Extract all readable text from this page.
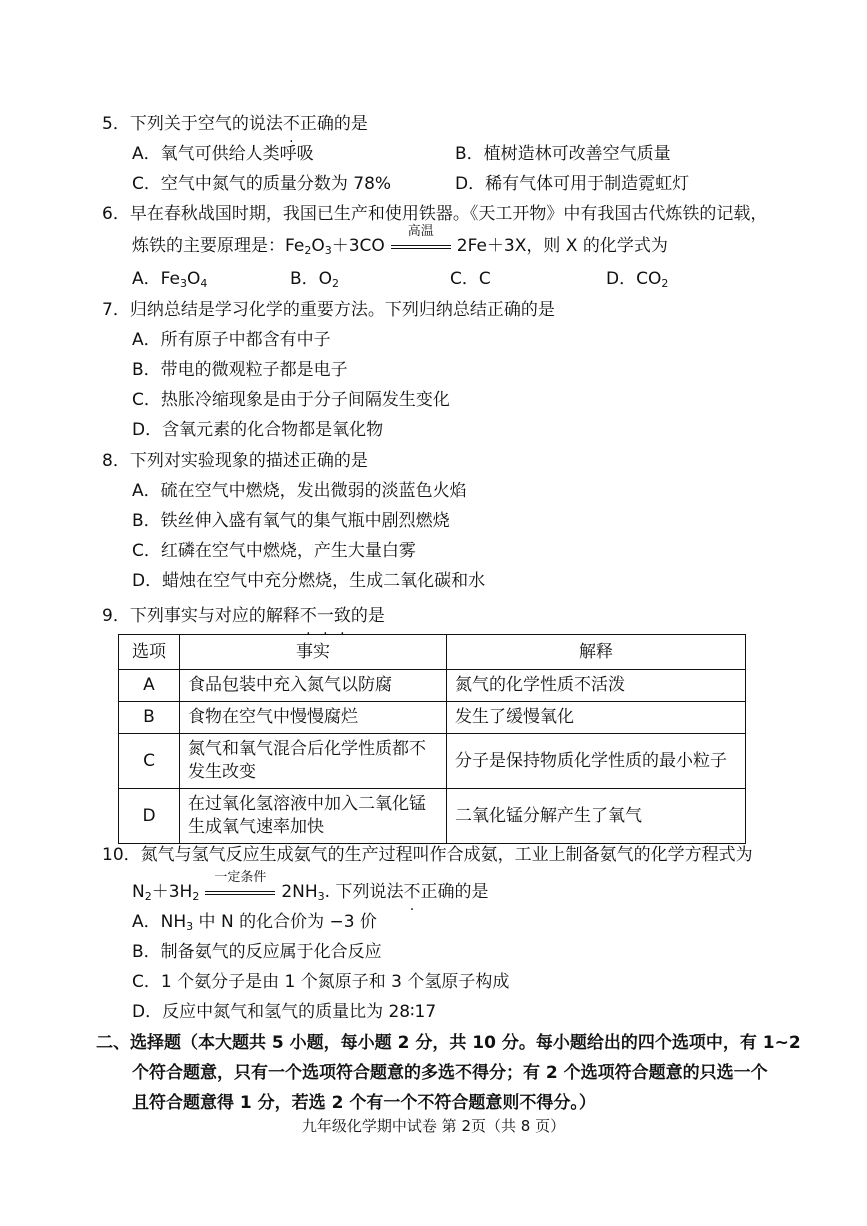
5．下列关于空气的说法不正确的是
A．氧气可供给人类呼吸	B．植树造林可改善空气质量
C．空气中氮气的质量分数为 78%	D．稀有气体可用于制造霓虹灯
6．早在春秋战国时期，我国已生产和使用铁器。《天工开物》中有我国古代炼铁的记载，
炼铁的主要原理是：$Fe_2O_3+3CO$
高温
2Fe＋3X，则 X 的化学式为
A．$Fe_3O_4$	B．$O_2$	C．C	D．$CO_2$
7．归纳总结是学习化学的重要方法。下列归纳总结正确的是
A．所有原子中都含有中子
B．带电的微观粒子都是电子
C．热胀冷缩现象是由于分子间隔发生变化
D．含氧元素的化合物都是氧化物
8．下列对实验现象的描述正确的是
A．硫在空气中燃烧，发出微弱的淡蓝色火焰
B．铁丝伸入盛有氧气的集气瓶中剧烈燃烧
C．红磷在空气中燃烧，产生大量白雾
D．蜡烛在空气中充分燃烧，生成二氧化碳和水
9．下列事实与对应的解释不一致的是
选项	事实	解释
A	食品包装中充入氮气以防腐	氮气的化学性质不活泼
B	食物在空气中慢慢腐烂	发生了缓慢氧化
C	氮气和氧气混合后化学性质都不发生改变	分子是保持物质化学性质的最小粒子
D	在过氧化氢溶液中加入二氧化锰生成氧气速率加快	二氧化锰分解产生了氧气
10．氮气与氢气反应生成氨气的生产过程叫作合成氨，工业上制备氨气的化学方程式为
$N_2+3H_2$
一定条件
$2NH_3$. 下列说法不正确的是
A．$NH_3$ 中 N 的化合价为 −3 价
B．制备氨气的反应属于化合反应
C．1 个氨分子是由 1 个氮原子和 3 个氢原子构成
D．反应中氮气和氢气的质量比为 28∶17
二、选择题（本大题共 5 小题，每小题 2 分，共 10 分。每小题给出的四个选项中，有 1~2
个符合题意，只有一个选项符合题意的多选不得分；有 2 个选项符合题意的只选一个
且符合题意得 1 分，若选 2 个有一个不符合题意则不得分。）
九年级化学期中试卷 第 2页（共 8 页）
